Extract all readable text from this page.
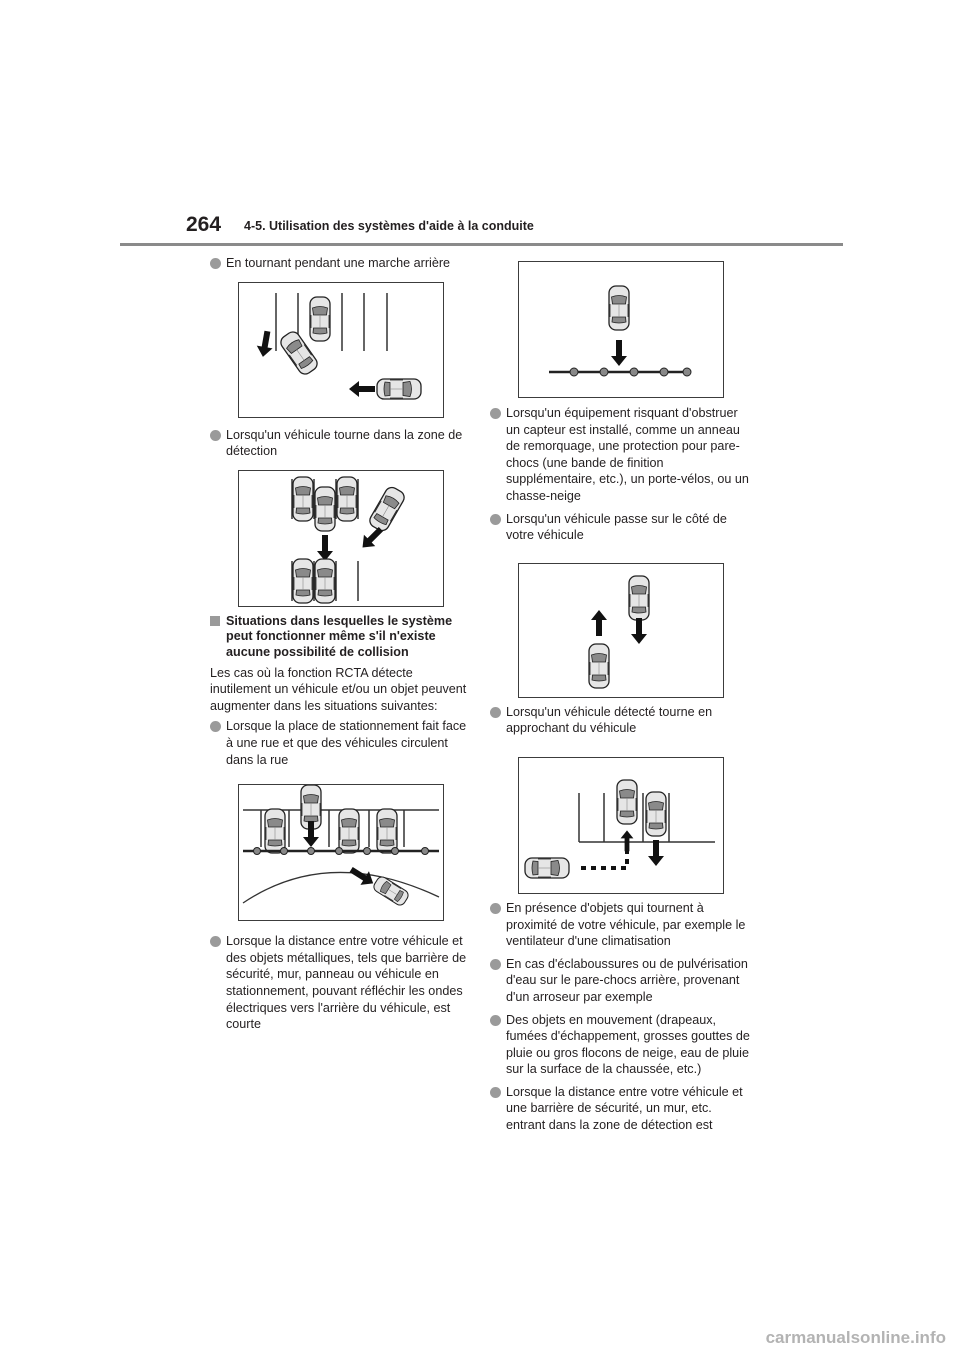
264 4-5. Utilisation des systèmes d'aide à la conduite
En tournant pendant une marche arrière
Lorsqu'un véhicule tourne dans la zone de détection
Situations dans lesquelles le système peut fonctionner même s'il n'existe aucune possibilité de collision
Les cas où la fonction RCTA détecte inutilement un véhicule et/ou un objet peuvent augmenter dans les situations suivantes:
Lorsque la place de stationnement fait face à une rue et que des véhicules circulent dans la rue
Lorsque la distance entre votre véhicule et des objets métalliques, tels que barrière de sécurité, mur, panneau ou véhicule en stationnement, pouvant réfléchir les ondes électriques vers l'arrière du véhicule, est courte
Lorsqu'un équipement risquant d'obstruer un capteur est installé, comme un anneau de remorquage, une protection pour pare-chocs (une bande de finition supplémentaire, etc.), un porte-vélos, ou un chasse-neige
Lorsqu'un véhicule passe sur le côté de votre véhicule
Lorsqu'un véhicule détecté tourne en approchant du véhicule
En présence d'objets qui tournent à proximité de votre véhicule, par exemple le ventilateur d'une climatisation
En cas d'éclaboussures ou de pulvérisation d'eau sur le pare-chocs arrière, provenant d'un arroseur par exemple
Des objets en mouvement (drapeaux, fumées d'échappement, grosses gouttes de pluie ou gros flocons de neige, eau de pluie sur la surface de la chaussée, etc.)
Lorsque la distance entre votre véhicule et une barrière de sécurité, un mur, etc. entrant dans la zone de détection est
carmanualsonline.info
